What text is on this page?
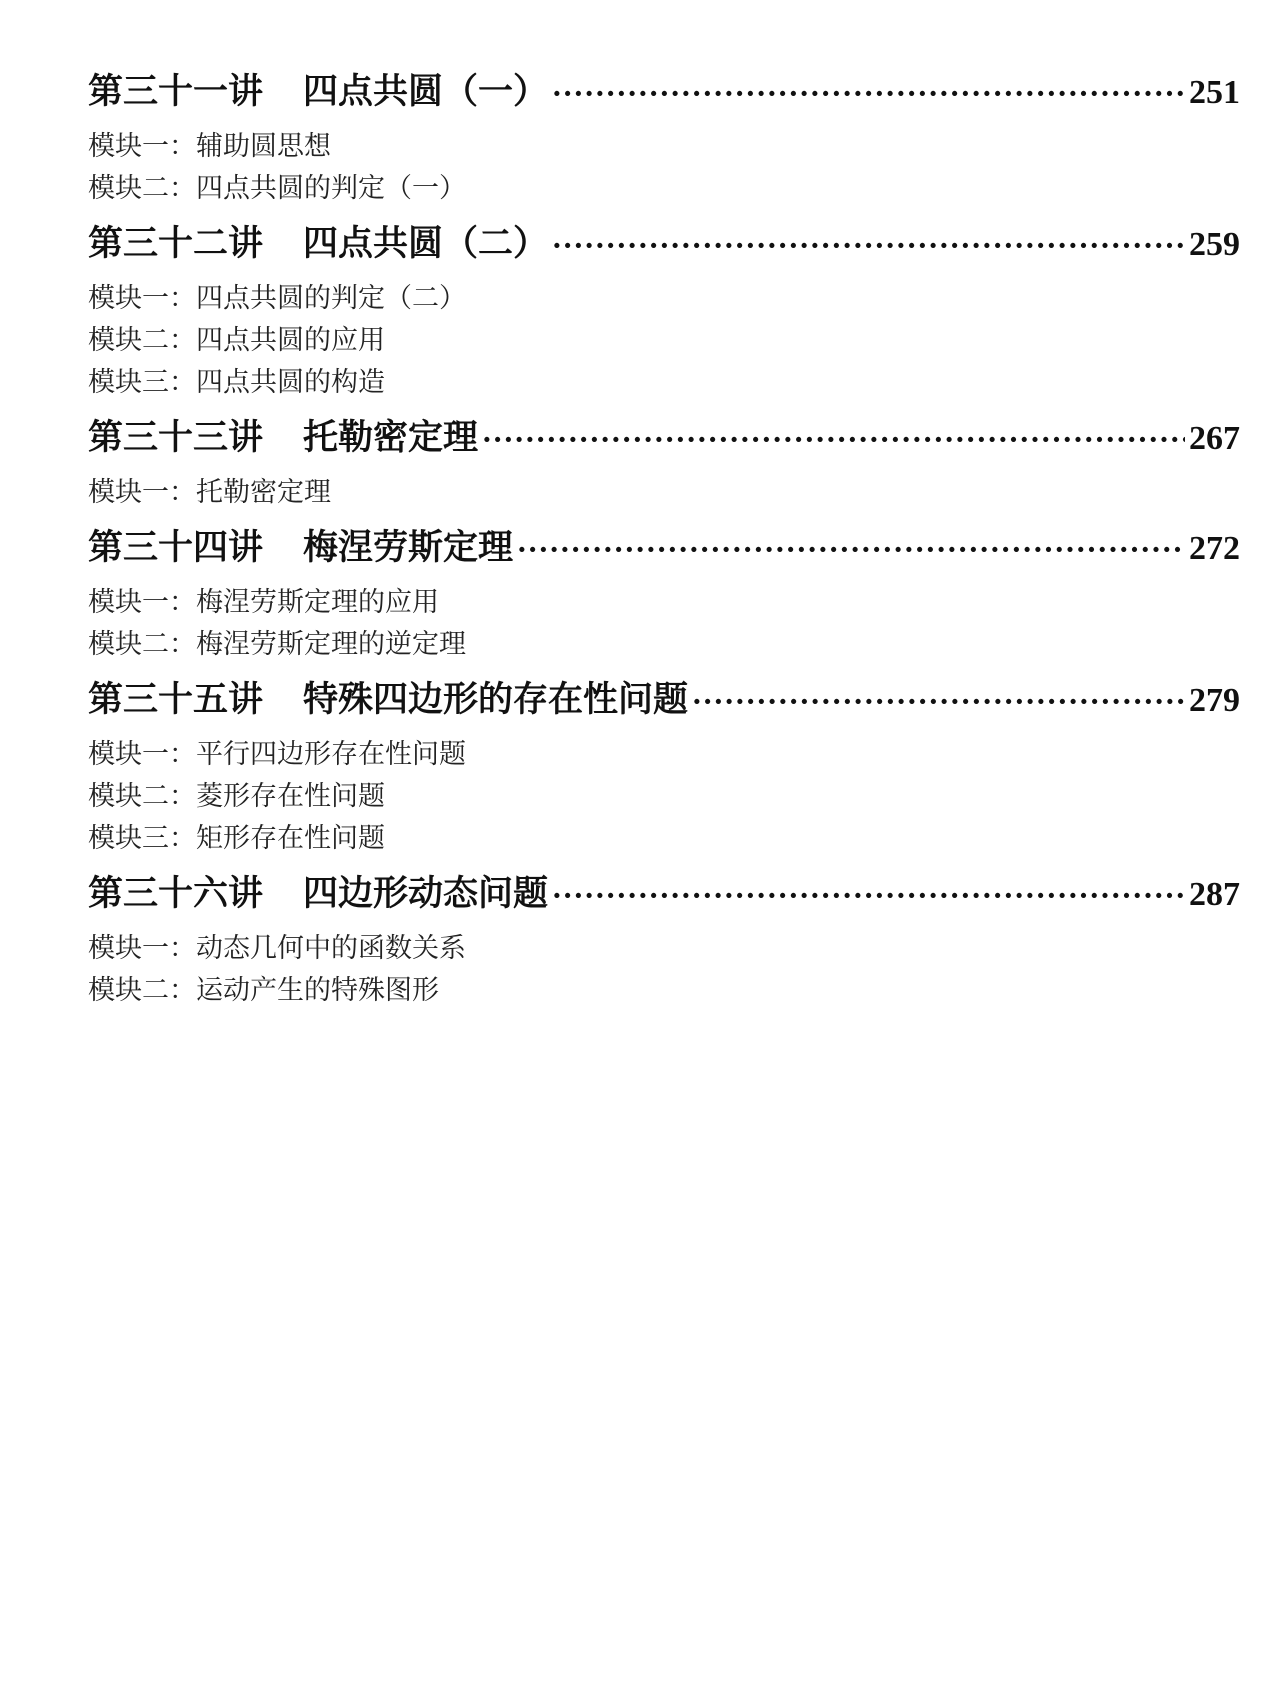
第三十一讲 四点共圆（一） ·····	251
模块一：辅助圆思想
模块二：四点共圆的判定（一）
第三十二讲 四点共圆（二） ·····	259
模块一：四点共圆的判定（二）
模块二：四点共圆的应用
模块三：四点共圆的构造
第三十三讲 托勒密定理 ·····	267
模块一：托勒密定理
第三十四讲 梅涅劳斯定理 ·····	272
模块一：梅涅劳斯定理的应用
模块二：梅涅劳斯定理的逆定理
第三十五讲 特殊四边形的存在性问题 ·····	279
模块一：平行四边形存在性问题
模块二：菱形存在性问题
模块三：矩形存在性问题
第三十六讲 四边形动态问题 ·····	287
模块一：动态几何中的函数关系
模块二：运动产生的特殊图形
